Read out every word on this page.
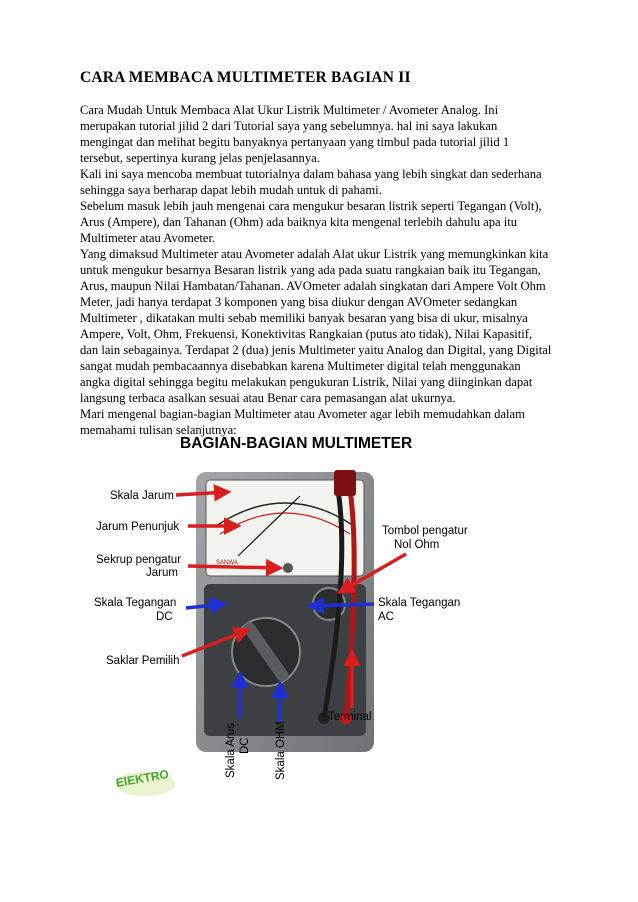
CARA MEMBACA MULTIMETER BAGIAN II
Cara Mudah Untuk Membaca Alat Ukur Listrik Multimeter / Avometer Analog. Ini
merupakan tutorial jilid 2 dari Tutorial saya yang sebelumnya. hal ini saya lakukan
mengingat dan melihat begitu banyaknya pertanyaan yang timbul pada tutorial jilid 1
tersebut, sepertinya kurang jelas penjelasannya.
Kali ini saya mencoba membuat tutorialnya dalam bahasa yang lebih singkat dan sederhana
sehingga saya berharap dapat lebih mudah untuk di pahami.
Sebelum masuk lebih jauh mengenai cara mengukur besaran listrik seperti Tegangan (Volt),
Arus (Ampere), dan Tahanan (Ohm) ada baiknya kita mengenal terlebih dahulu apa itu
Multimeter atau Avometer.
Yang dimaksud Multimeter atau Avometer adalah Alat ukur Listrik yang memungkinkan kita
untuk mengukur besarnya Besaran listrik yang ada pada suatu rangkaian baik itu Tegangan,
Arus, maupun Nilai Hambatan/Tahanan. AVOmeter adalah singkatan dari Ampere Volt Ohm
Meter, jadi hanya terdapat 3 komponen yang bisa diukur dengan AVOmeter sedangkan
Multimeter , dikatakan multi sebab memiliki banyak besaran yang bisa di ukur, misalnya
Ampere, Volt, Ohm, Frekuensi, Konektivitas Rangkaian (putus ato tidak), Nilai Kapasitif,
dan lain sebagainya. Terdapat 2 (dua) jenis Multimeter yaitu Analog dan Digital, yang Digital
sangat mudah pembacaannya disebabkan karena Multimeter digital telah menggunakan
angka digital sehingga begitu melakukan pengukuran Listrik, Nilai yang diinginkan dapat
langsung terbaca asalkan sesuai atau Benar cara pemasangan alat ukurnya.
Mari mengenal bagian-bagian Multimeter atau Avometer agar lebih memudahkan dalam
memahami tulisan selanjutnya:
BAGIAN-BAGIAN MULTIMETER
SANWA
Skala Jarum
Jarum Penunjuk
Sekrup pengatur
Jarum
Skala Tegangan
DC
Saklar Pemilih
Tombol pengatur
Nol Ohm
Skala Tegangan
AC
Terminal
Skala Arus DC Skala OHM
ElEKTRO
